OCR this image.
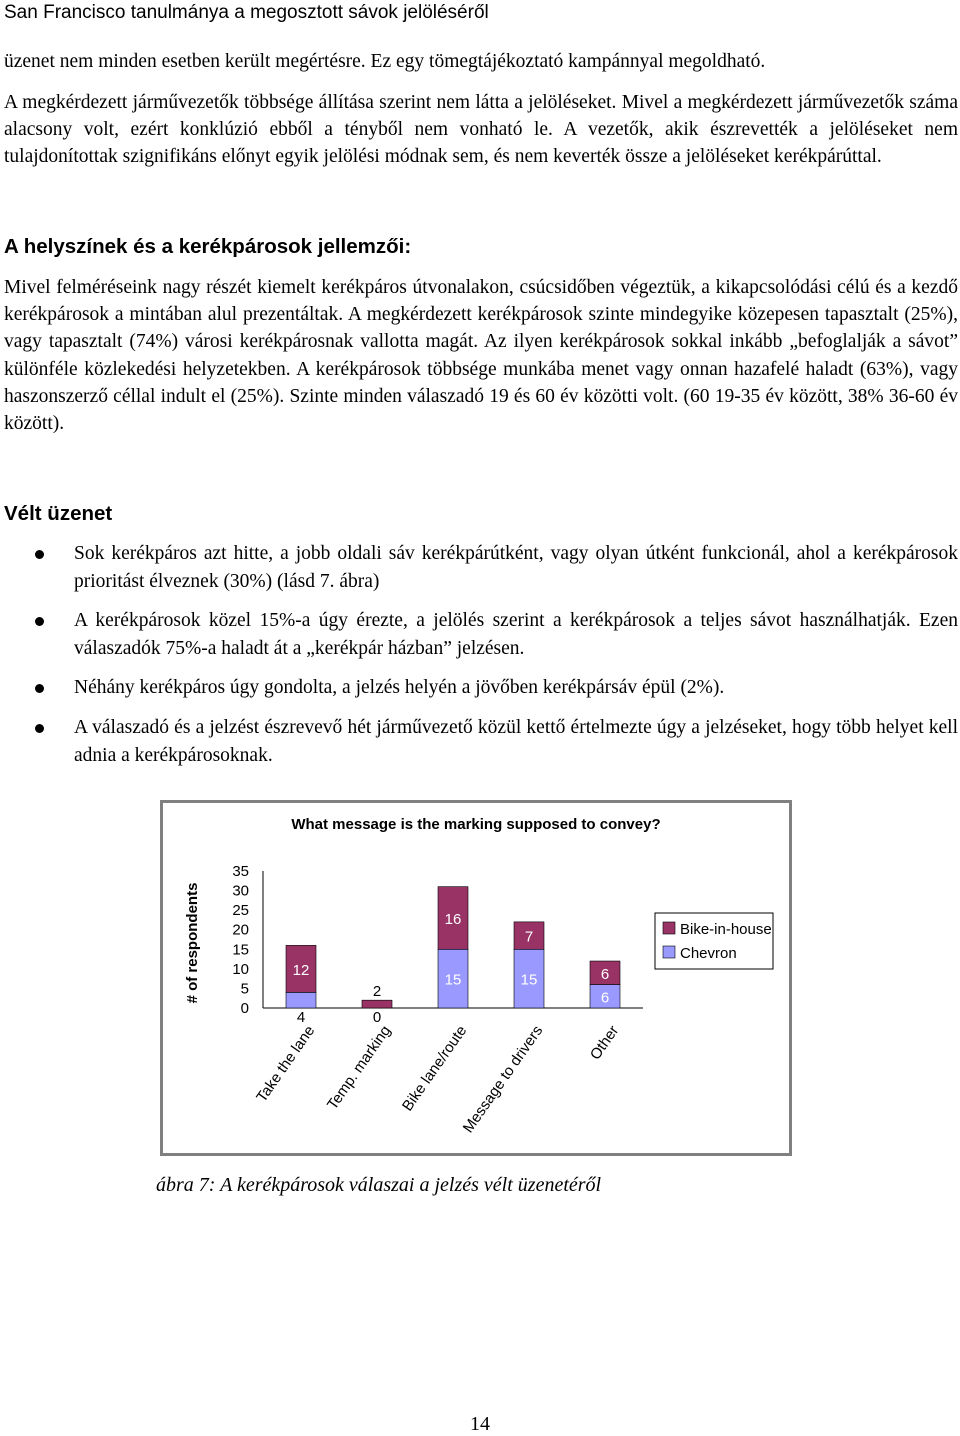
San Francisco tanulmánya a megosztott sávok jelöléséről

üzenet nem minden esetben került megértésre. Ez egy tömegtájékoztató kampánnyal megoldható.

A megkérdezett járművezetők többsége állítása szerint nem látta a jelöléseket. Mivel a megkérdezett járművezetők száma alacsony volt, ezért konklúzió ebből a tényből nem vonható le. A vezetők, akik észrevették a jelöléseket nem tulajdonítottak szignifikáns előnyt egyik jelölési módnak sem, és nem keverték össze a jelöléseket kerékpárúttal.

A helyszínek és a kerékpárosok jellemzői:

Mivel felméréseink nagy részét kiemelt kerékpáros útvonalakon, csúcsidőben végeztük, a kikapcsolódási célú és a kezdő kerékpárosok a mintában alul prezentáltak. A megkérdezett kerékpárosok szinte mindegyike közepesen tapasztalt (25%), vagy tapasztalt (74%) városi kerékpárosnak vallotta magát. Az ilyen kerékpárosok sokkal inkább „befoglalják a sávot” különféle közlekedési helyzetekben. A kerékpárosok többsége munkába menet vagy onnan hazafelé haladt (63%), vagy haszonszerző céllal indult el (25%). Szinte minden válaszadó 19 és 60 év közötti volt. (60 19-35 év között, 38% 36-60 év között).

Vélt üzenet
Sok kerékpáros azt hitte, a jobb oldali sáv kerékpárútként, vagy olyan útként funkcionál, ahol a kerékpárosok prioritást élveznek (30%) (lásd 7. ábra)
A kerékpárosok közel 15%-a úgy érezte, a jelölés szerint a kerékpárosok a teljes sávot használhatják. Ezen válaszadók 75%-a haladt át a „kerékpár házban” jelzésen.
Néhány kerékpáros úgy gondolta, a jelzés helyén a jövőben kerékpársáv épül (2%).
A válaszadó és a jelzést észrevevő hét járművezető közül kettő értelmezte úgy a jelzéseket, hogy több helyet kell adnia a kerékpárosoknak.
What message is the marking supposed to convey?
# of respondents
0
5
10
15
20
25
30
35
4
12
Take the lane
0
2
Temp. marking
15
16
Bike lane/route
15
7
Message to drivers
6
6
Other
Bike-in-house
Chevron
ábra 7: A kerékpárosok válaszai a jelzés vélt üzenetéről
14
